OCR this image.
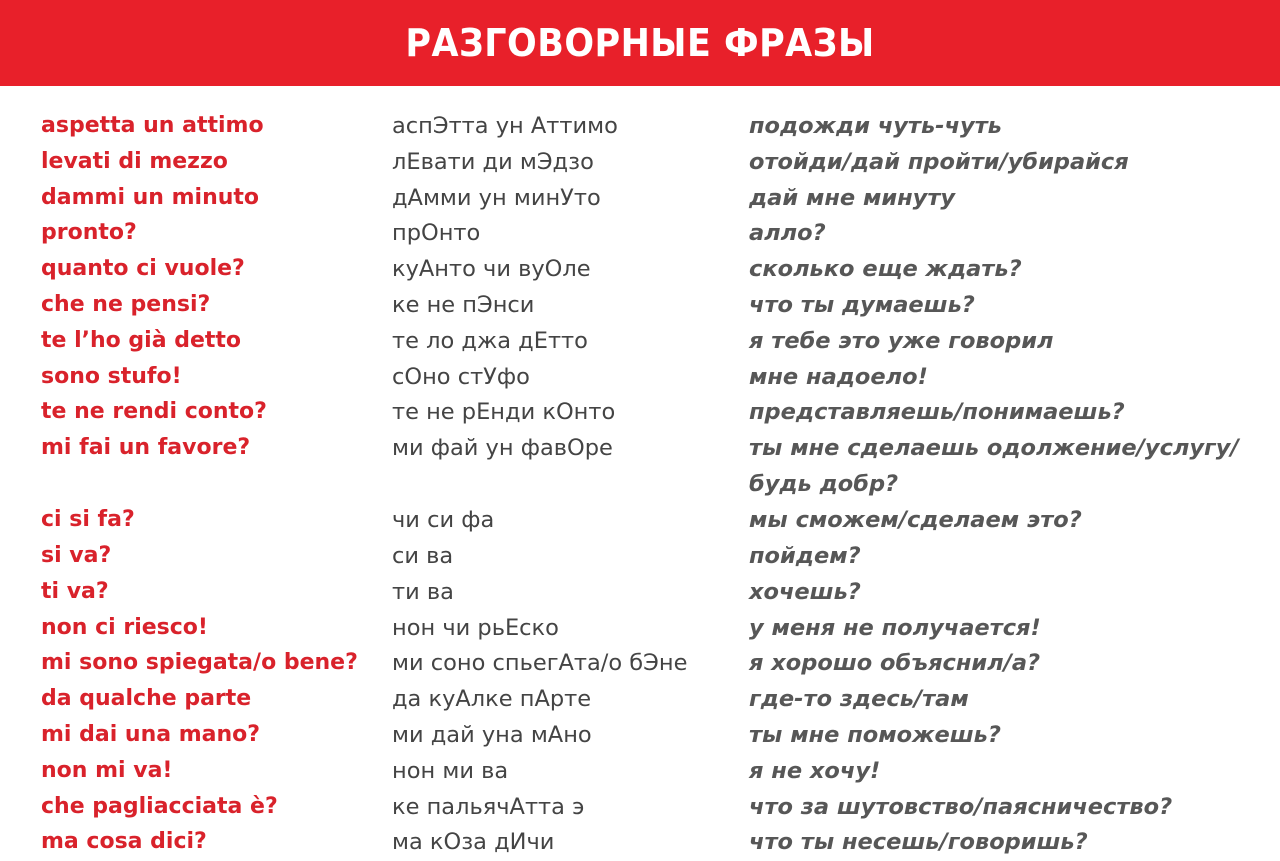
РАЗГОВОРНЫЕ ФРАЗЫ
aspetta un attimo	аспЭтта ун Аттимо	подожди чуть-чуть
levati di mezzo	лЕвати ди мЭдзо	отойди/дай пройти/убирайся
dammi un minuto	дАмми ун минУто	дай мне минуту
pronto?	прОнто	алло?
quanto ci vuole?	куАнто чи вуОле	сколько еще ждать?
che ne pensi?	ке не пЭнси	что ты думаешь?
te l’ho già detto	те ло джа дЕтто	я тебе это уже говорил
sono stufo!	сОно стУфо	мне надоело!
te ne rendi conto?	те не рЕнди кОнто	представляешь/понимаешь?
mi fai un favore?	ми фай ун фавОре	ты мне сделаешь одолжение/услугу/ будь добр?
ci si fa?	чи си фа	мы сможем/сделаем это?
si va?	си ва	пойдем?
ti va?	ти ва	хочешь?
non ci riesco!	нон чи рьЕско	у меня не получается!
mi sono spiegata/o bene? ми соно спьегАта/о бЭне	я хорошо объяснил/а?
da qualche parte	да куАлке пАрте	где-то здесь/там
mi dai una mano?	ми дай уна мАно	ты мне поможешь?
non mi va!	нон ми ва	я не хочу!
che pagliacciata è?	ке пальячАтта э	что за шутовство/паясничество?
ma cosa dici?	ма кОза дИчи	что ты несешь/говоришь?
